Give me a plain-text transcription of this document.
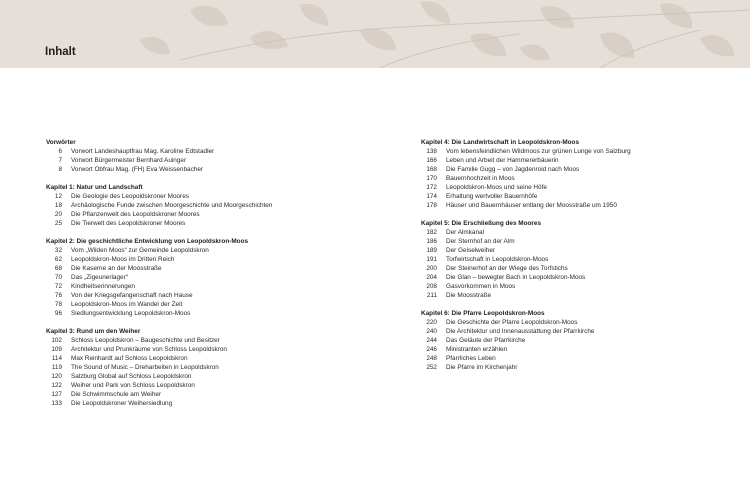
Inhalt
Vorwörter
6	Vorwort Landeshauptfrau Mag. Karoline Edtstadler
7	Vorwort Bürgermeister Bernhard Auinger
8	Vorwort Obfrau Mag. (FH) Eva Weissenbacher
Kapitel 1: Natur und Landschaft
12	Die Geologie des Leopoldskroner Moores
18	Archäologische Funde zwischen Moorgeschichte und Moorgeschichten
20	Die Pflanzenwelt des Leopoldskroner Moores
25	Die Tierwelt des Leopoldskroner Moores
Kapitel 2: Die geschichtliche Entwicklung von Leopoldskron-Moos
32	Vom „Wilden Moos“ zur Gemeinde Leopoldskron
62	Leopoldskron-Moos im Dritten Reich
68	Die Kaserne an der Moosstraße
70	Das „Zigeunerlager“
72	Kindheitserinnerungen
76	Von der Kriegsgefangenschaft nach Hause
78	Leopoldskron-Moos im Wandel der Zeit
96	Siedlungsentwicklung Leopoldskron-Moos
Kapitel 3: Rund um den Weiher
102	Schloss Leopoldskron – Baugeschichte und Besitzer
109	Architektur und Prunkräume von Schloss Leopoldskron
114	Max Reinhardt auf Schloss Leopoldskron
119	The Sound of Music – Dreharbeiten in Leopoldskron
120	Salzburg Global auf Schloss Leopoldskron
122	Weiher und Park von Schloss Leopoldskron
127	Die Schwimmschule am Weiher
133	Die Leopoldskroner Weihersiedlung
Kapitel 4: Die Landwirtschaft in Leopoldskron-Moos
138	Vom lebensfeindlichen Wildmoos zur grünen Lunge von Salzburg
166	Leben und Arbeit der Hammererbäuerin
168	Die Familie Gugg – von Jagdenroid nach Moos
170	Bauernhochzeit in Moos
172	Leopoldskron-Moos und seine Höfe
174	Erhaltung wertvoller Bauernhöfe
178	Häuser und Bauernhäuser entlang der Moosstraße um 1950
Kapitel 5: Die Erschließung des Moores
182	Der Almkanal
186	Der Sternhof an der Alm
189	Der Geiselweiher
191	Torfwirtschaft in Leopoldskron-Moos
200	Der Steinerhof an der Wiege des Torfstichs
204	Die Glan – bewegter Bach in Leopoldskron-Moos
208	Gasvorkommen in Moos
211	Die Moosstraße
Kapitel 6: Die Pfarre Leopoldskron-Moos
220	Die Geschichte der Pfarre Leopoldskron-Moos
240	Die Architektur und Innenausstattung der Pfarrkirche
244	Das Geläute der Pfarrkirche
246	Ministranten erzählen
248	Pfarrliches Leben
252	Die Pfarre im Kirchenjahr
